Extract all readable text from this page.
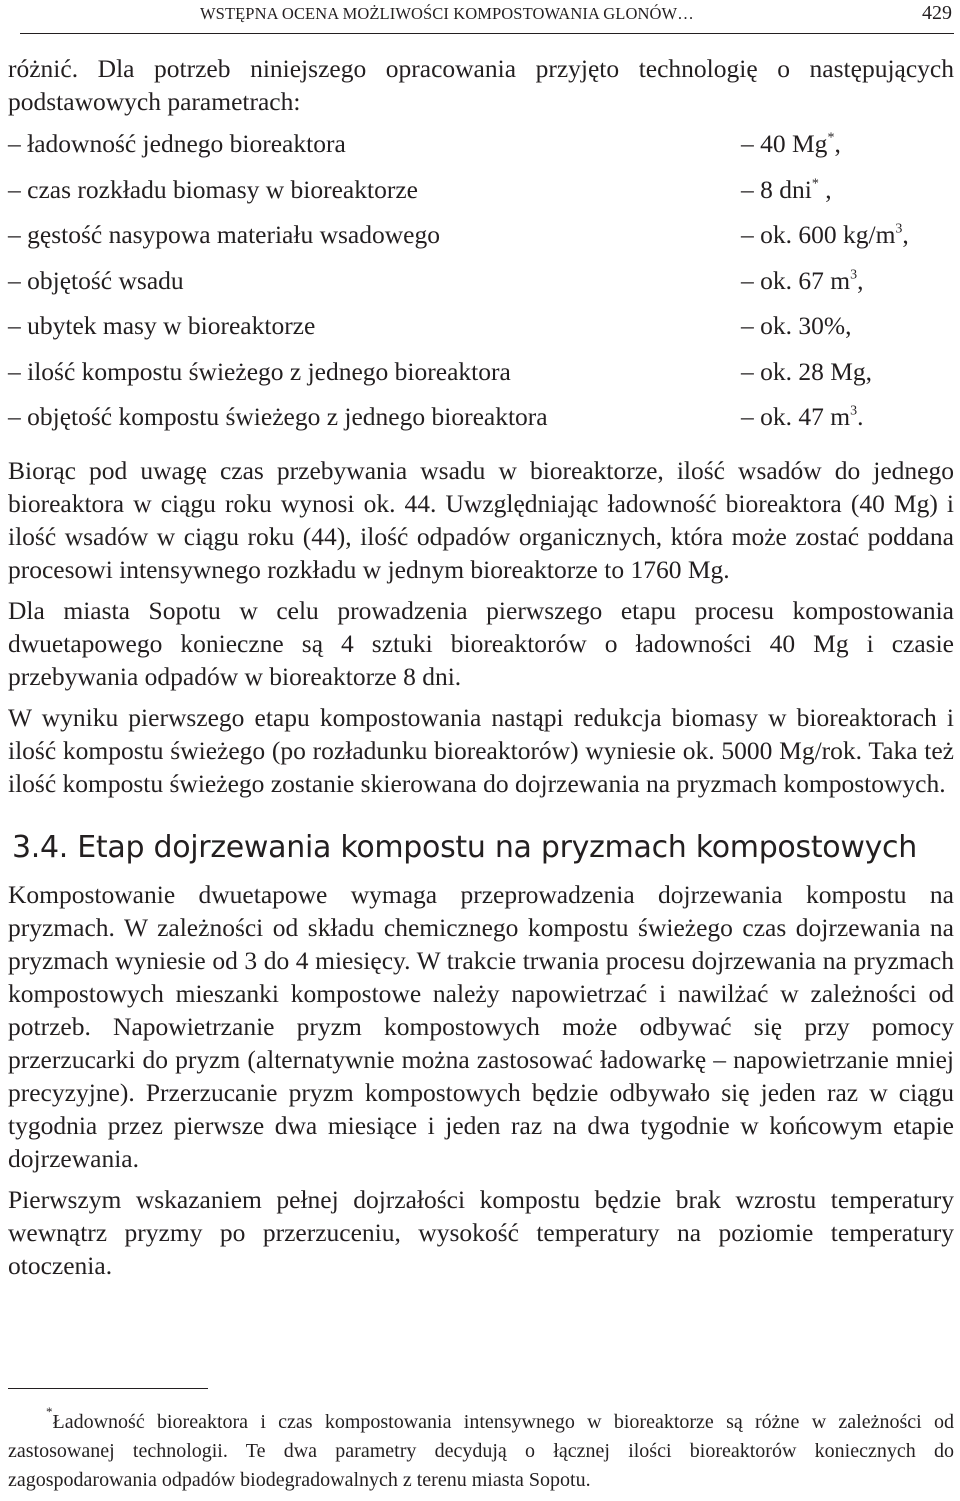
WSTĘPNA OCENA MOŻLIWOŚCI KOMPOSTOWANIA GLONÓW…	429

różnić. Dla potrzeb niniejszego opracowania przyjęto technologię o następujących podstawowych parametrach:

– ładowność jednego bioreaktora	– 40 Mg*,
– czas rozkładu biomasy w bioreaktorze	– 8 dni* ,
– gęstość nasypowa materiału wsadowego	– ok. 600 $kg/m^3$,
– objętość wsadu	– ok. 67 $m^3$,
– ubytek masy w bioreaktorze	– ok. 30%,
– ilość kompostu świeżego z jednego bioreaktora	– ok. 28 Mg,
– objętość kompostu świeżego z jednego bioreaktora	– ok. 47 $m^3$.

Biorąc pod uwagę czas przebywania wsadu w bioreaktorze, ilość wsadów do jednego bioreaktora w ciągu roku wynosi ok. 44. Uwzględniając ładowność bioreaktora (40 Mg) i ilość wsadów w ciągu roku (44), ilość odpadów organicznych, która może zostać poddana procesowi intensywnego rozkładu w jednym bioreaktorze to 1760 Mg.

Dla miasta Sopotu w celu prowadzenia pierwszego etapu procesu kompostowania dwuetapowego konieczne są 4 sztuki bioreaktorów o ładowności 40 Mg i czasie przebywania odpadów w bioreaktorze 8 dni.

W wyniku pierwszego etapu kompostowania nastąpi redukcja biomasy w bioreaktorach i ilość kompostu świeżego (po rozładunku bioreaktorów) wyniesie ok. 5000 Mg/rok. Taka też ilość kompostu świeżego zostanie skierowana do dojrzewania na pryzmach kompostowych.

3.4. Etap dojrzewania kompostu na pryzmach kompostowych

Kompostowanie dwuetapowe wymaga przeprowadzenia dojrzewania kompostu na pryzmach. W zależności od składu chemicznego kompostu świeżego czas dojrzewania na pryzmach wyniesie od 3 do 4 miesięcy. W trakcie trwania procesu dojrzewania na pryzmach kompostowych mieszanki kompostowe należy napowietrzać i nawilżać w zależności od potrzeb. Napowietrzanie pryzm kompostowych może odbywać się przy pomocy przerzucarki do pryzm (alternatywnie można zastosować ładowarkę – napowietrzanie mniej precyzyjne). Przerzucanie pryzm kompostowych będzie odbywało się jeden raz w ciągu tygodnia przez pierwsze dwa miesiące i jeden raz na dwa tygodnie w końcowym etapie dojrzewania.

Pierwszym wskazaniem pełnej dojrzałości kompostu będzie brak wzrostu temperatury wewnątrz pryzmy po przerzuceniu, wysokość temperatury na poziomie temperatury otoczenia.

*Ładowność bioreaktora i czas kompostowania intensywnego w bioreaktorze są różne w zależności od zastosowanej technologii. Te dwa parametry decydują o łącznej ilości bioreaktorów koniecznych do zagospodarowania odpadów biodegradowalnych z terenu miasta Sopotu.
